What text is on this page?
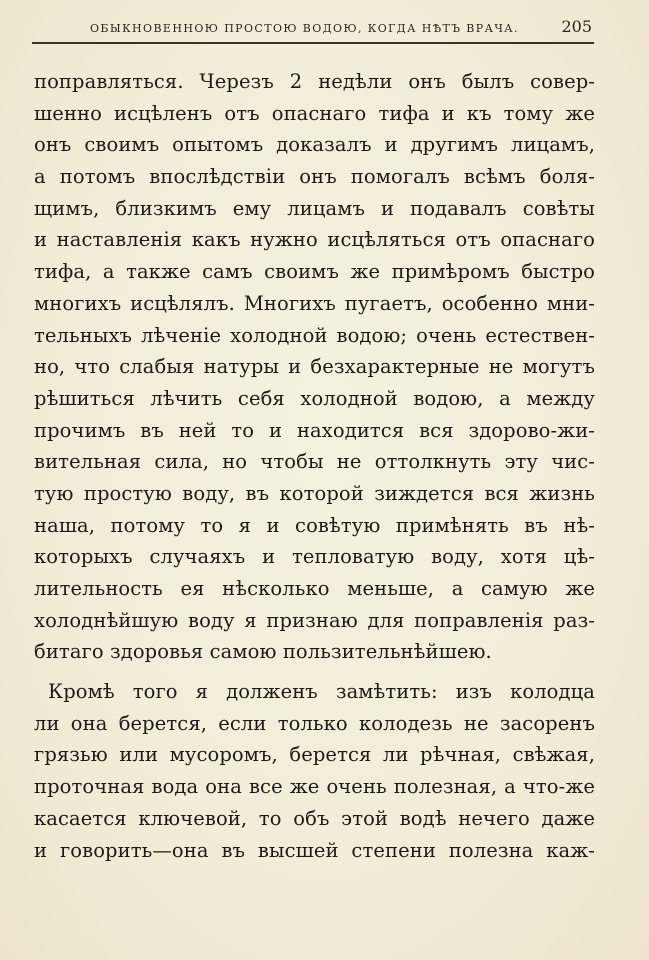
ОБЫКНОВЕННОЮ ПРОСТОЮ ВОДОЮ, КОГДА НѢТЪ ВРАЧА.	205
поправляться. Черезъ 2 недѣли онъ былъ совер-
шенно исцѣленъ отъ опаснаго тифа и къ тому же
онъ своимъ опытомъ доказалъ и другимъ лицамъ,
а потомъ впослѣдствіи онъ помогалъ всѣмъ боля-
щимъ, близкимъ ему лицамъ и подавалъ совѣты
и наставленія какъ нужно исцѣляться отъ опаснаго
тифа, а также самъ своимъ же примѣромъ быстро
многихъ исцѣлялъ. Многихъ пугаетъ, особенно мни-
тельныхъ лѣченіе холодной водою; очень естествен-
но, что слабыя натуры и безхарактерные не могутъ
рѣшиться лѣчить себя холодной водою, а между
прочимъ въ ней то и находится вся здорово-жи-
вительная сила, но чтобы не оттолкнуть эту чис-
тую простую воду, въ которой зиждется вся жизнь
наша, потому то я и совѣтую примѣнять въ нѣ-
которыхъ случаяхъ и тепловатую воду, хотя цѣ-
лительность ея нѣсколько меньше, а самую же
холоднѣйшую воду я признаю для поправленія раз-
битаго здоровья самою пользительнѣйшею.
Кромѣ того я долженъ замѣтить: изъ колодца
ли она берется, если только колодезь не засоренъ
грязью или мусоромъ, берется ли рѣчная, свѣжая,
проточная вода она все же очень полезная, а что-же
касается ключевой, то объ этой водѣ нечего даже
и говорить—она въ высшей степени полезна каж-
